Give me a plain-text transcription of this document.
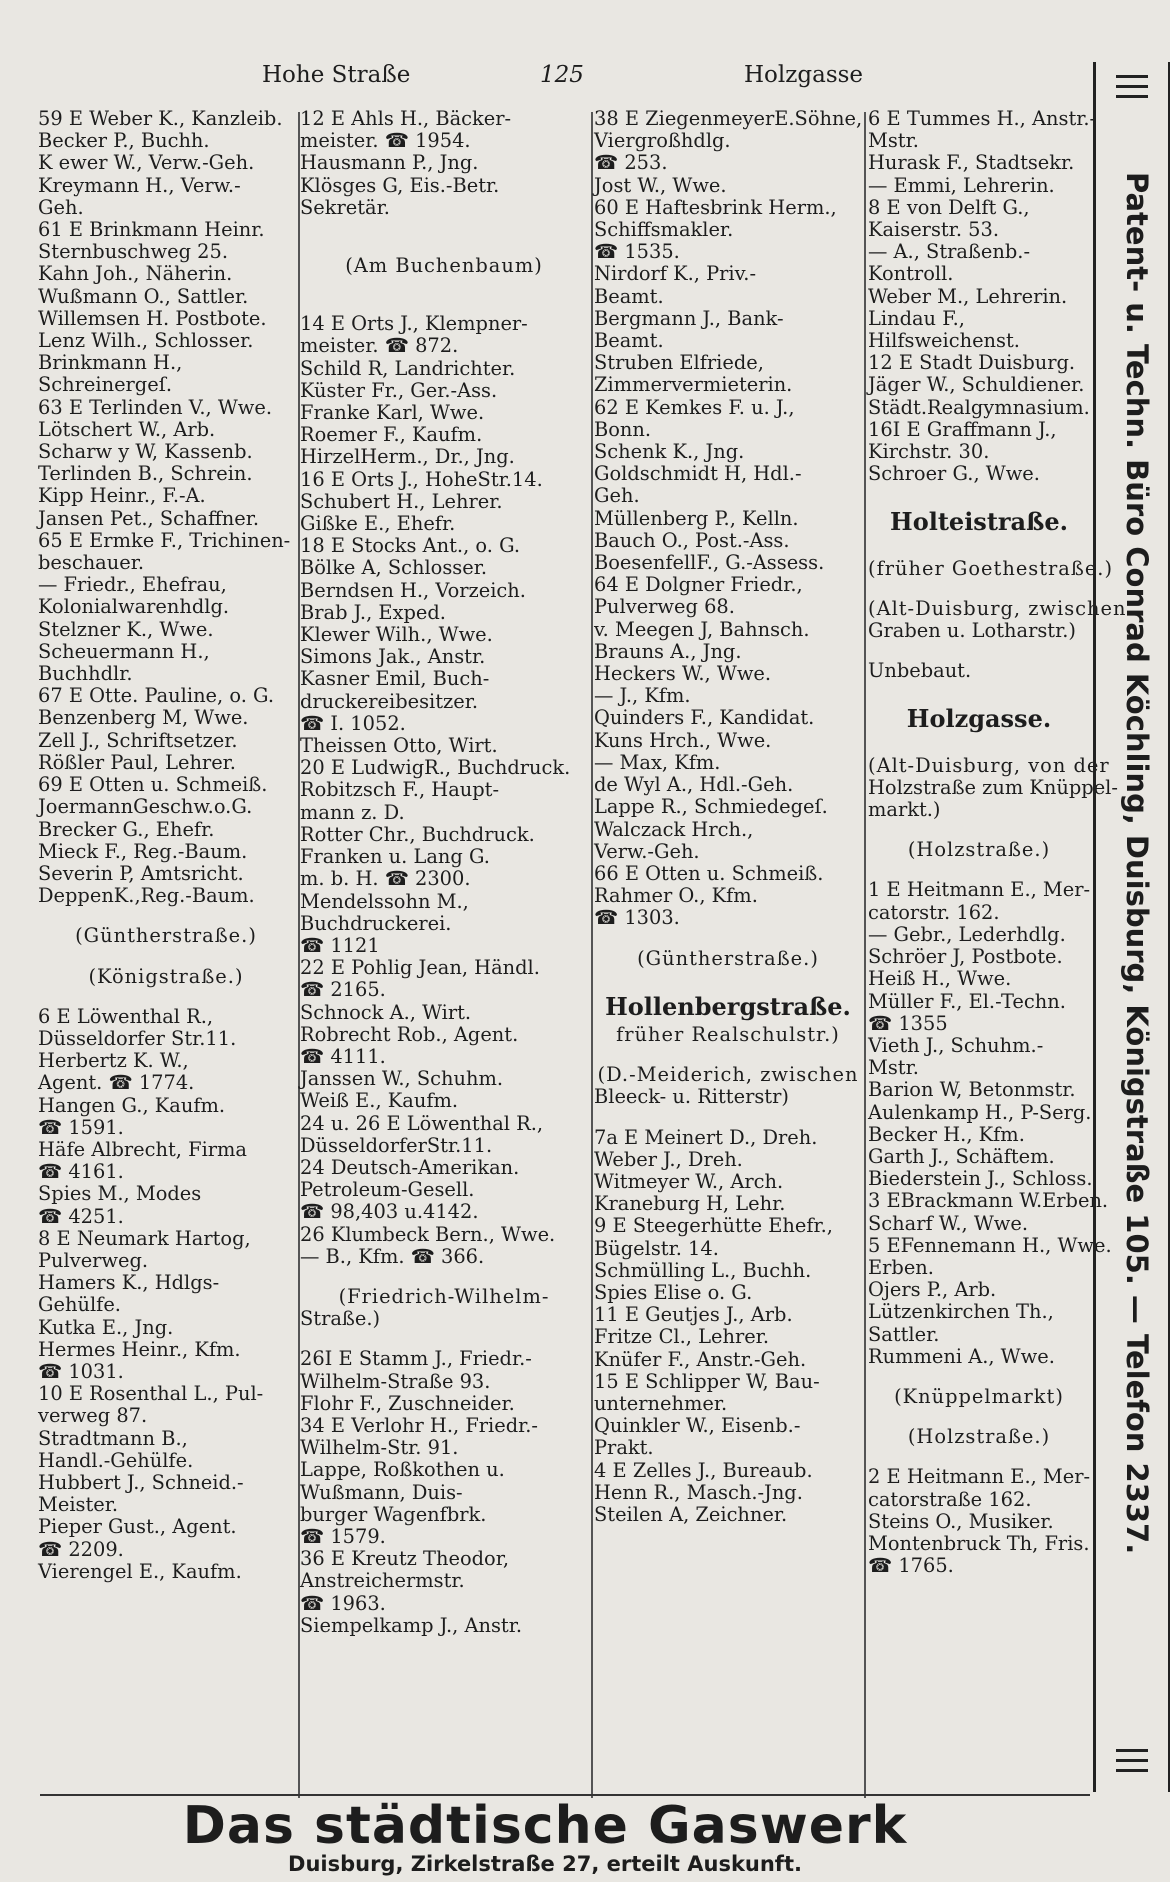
Hohe Straße	125	Holzgasse
59 E Weber K., Kanzleib.
Becker P., Buchh.
K ewer W., Verw.-Geh.
Kreymann H., Verw.-
Geh.
61 E Brinkmann Heinr.
Sternbuschweg 25.
Kahn Joh., Näherin.
Wußmann O., Sattler.
Willemsen H. Postbote.
Lenz Wilh., Schlosser.
Brinkmann H.,
Schreinergeſ.
63 E Terlinden V., Wwe.
Lötschert W., Arb.
Scharw y W, Kassenb.
Terlinden B., Schrein.
Kipp Heinr., F.-A.
Jansen Pet., Schaffner.
65 E Ermke F., Trichinen-
beschauer.
— Friedr., Ehefrau,
Kolonialwarenhdlg.
Stelzner K., Wwe.
Scheuermann H.,
Buchhdlr.
67 E Otte. Pauline, o. G.
Benzenberg M, Wwe.
Zell J., Schriftsetzer.
Rößler Paul, Lehrer.
69 E Otten u. Schmeiß.
JoermannGeschw.o.G.
Brecker G., Ehefr.
Mieck F., Reg.-Baum.
Severin P, Amtsricht.
DeppenK.,Reg.-Baum.
(Güntherstraße.)
(Königstraße.)
6 E Löwenthal R.,
Düsseldorfer Str.11.
Herbertz K. W.,
Agent. ☎ 1774.
Hangen G., Kaufm.
☎ 1591.
Häfe Albrecht, Firma
☎ 4161.
Spies M., Modes
☎ 4251.
8 E Neumark Hartog,
Pulverweg.
Hamers K., Hdlgs-
Gehülfe.
Kutka E., Jng.
Hermes Heinr., Kfm.
☎ 1031.
10 E Rosenthal L., Pul-
verweg 87.
Stradtmann B.,
Handl.-Gehülfe.
Hubbert J., Schneid.-
Meister.
Pieper Gust., Agent.
☎ 2209.
Vierengel E., Kaufm.
12 E Ahls H., Bäcker-
meister. ☎ 1954.
Hausmann P., Jng.
Klösges G, Eis.-Betr.
Sekretär.
(Am Buchenbaum)
14 E Orts J., Klempner-
meister. ☎ 872.
Schild R, Landrichter.
Küster Fr., Ger.-Ass.
Franke Karl, Wwe.
Roemer F., Kaufm.
HirzelHerm., Dr., Jng.
16 E Orts J., HoheStr.14.
Schubert H., Lehrer.
Gißke E., Ehefr.
18 E Stocks Ant., o. G.
Bölke A, Schlosser.
Berndsen H., Vorzeich.
Brab J., Exped.
Klewer Wilh., Wwe.
Simons Jak., Anstr.
Kasner Emil, Buch-
druckereibesitzer.
☎ I. 1052.
Theissen Otto, Wirt.
20 E LudwigR., Buchdruck.
Robitzsch F., Haupt-
mann z. D.
Rotter Chr., Buchdruck.
Franken u. Lang G.
m. b. H. ☎ 2300.
Mendelssohn M.,
Buchdruckerei.
☎ 1121
22 E Pohlig Jean, Händl.
☎ 2165.
Schnock A., Wirt.
Robrecht Rob., Agent.
☎ 4111.
Janssen W., Schuhm.
Weiß E., Kaufm.
24 u. 26 E Löwenthal R.,
DüsseldorferStr.11.
24 Deutsch-Amerikan.
Petroleum-Gesell.
☎ 98,403 u.4142.
26 Klumbeck Bern., Wwe.
— B., Kfm. ☎ 366.
(Friedrich-Wilhelm-
Straße.)
26I E Stamm J., Friedr.-
Wilhelm-Straße 93.
Flohr F., Zuschneider.
34 E Verlohr H., Friedr.-
Wilhelm-Str. 91.
Lappe, Roßkothen u.
Wußmann, Duis-
burger Wagenfbrk.
☎ 1579.
36 E Kreutz Theodor,
Anstreichermstr.
☎ 1963.
Siempelkamp J., Anstr.
38 E ZiegenmeyerE.Söhne,
Viergroßhdlg.
☎ 253.
Jost W., Wwe.
60 E Haftesbrink Herm.,
Schiffsmakler.
☎ 1535.
Nirdorf K., Priv.-
Beamt.
Bergmann J., Bank-
Beamt.
Struben Elfriede,
Zimmervermieterin.
62 E Kemkes F. u. J.,
Bonn.
Schenk K., Jng.
Goldschmidt H, Hdl.-
Geh.
Müllenberg P., Kelln.
Bauch O., Post.-Ass.
BoesenfellF., G.-Assess.
64 E Dolgner Friedr.,
Pulverweg 68.
v. Meegen J, Bahnsch.
Brauns A., Jng.
Heckers W., Wwe.
— J., Kfm.
Quinders F., Kandidat.
Kuns Hrch., Wwe.
— Max, Kfm.
de Wyl A., Hdl.-Geh.
Lappe R., Schmiedegeſ.
Walczack Hrch.,
Verw.-Geh.
66 E Otten u. Schmeiß.
Rahmer O., Kfm.
☎ 1303.
(Güntherstraße.)
Hollenbergstraße.
früher Realschulstr.)
(D.-Meiderich, zwischen
Bleeck- u. Ritterstr)
7a E Meinert D., Dreh.
Weber J., Dreh.
Witmeyer W., Arch.
Kraneburg H, Lehr.
9 E Steegerhütte Ehefr.,
Bügelstr. 14.
Schmülling L., Buchh.
Spies Elise o. G.
11 E Geutjes J., Arb.
Fritze Cl., Lehrer.
Knüfer F., Anstr.-Geh.
15 E Schlipper W, Bau-
unternehmer.
Quinkler W., Eisenb.-
Prakt.
4 E Zelles J., Bureaub.
Henn R., Masch.-Jng.
Steilen A, Zeichner.
6 E Tummes H., Anstr.-
Mstr.
Hurask F., Stadtsekr.
— Emmi, Lehrerin.
8 E von Delft G.,
Kaiserstr. 53.
— A., Straßenb.-
Kontroll.
Weber M., Lehrerin.
Lindau F.,
Hilfsweichenst.
12 E Stadt Duisburg.
Jäger W., Schuldiener.
Städt.Realgymnasium.
16I E Graffmann J.,
Kirchstr. 30.
Schroer G., Wwe.
Holteistraße.
(früher Goethestraße.)
(Alt-Duisburg, zwischen
Graben u. Lotharstr.)
Unbebaut.
Holzgasse.
(Alt-Duisburg, von der
Holzstraße zum Knüppel-
markt.)
(Holzstraße.)
1 E Heitmann E., Mer-
catorstr. 162.
— Gebr., Lederhdlg.
Schröer J, Postbote.
Heiß H., Wwe.
Müller F., El.-Techn.
☎ 1355
Vieth J., Schuhm.-
Mstr.
Barion W, Betonmstr.
Aulenkamp H., P-Serg.
Becker H., Kfm.
Garth J., Schäftem.
Biederstein J., Schloss.
3 EBrackmann W.Erben.
Scharf W., Wwe.
5 EFennemann H., Wwe.
Erben.
Ojers P., Arb.
Lützenkirchen Th.,
Sattler.
Rummeni A., Wwe.
(Knüppelmarkt)
(Holzstraße.)
2 E Heitmann E., Mer-
catorstraße 162.
Steins O., Musiker.
Montenbruck Th, Fris.
☎ 1765.
Das städtische Gaswerk
Duisburg, Zirkelstraße 27, erteilt Auskunft.
Patent- u. Techn. Büro Conrad Köchling, Duisburg, Königstraße 105. — Telefon 2337.
